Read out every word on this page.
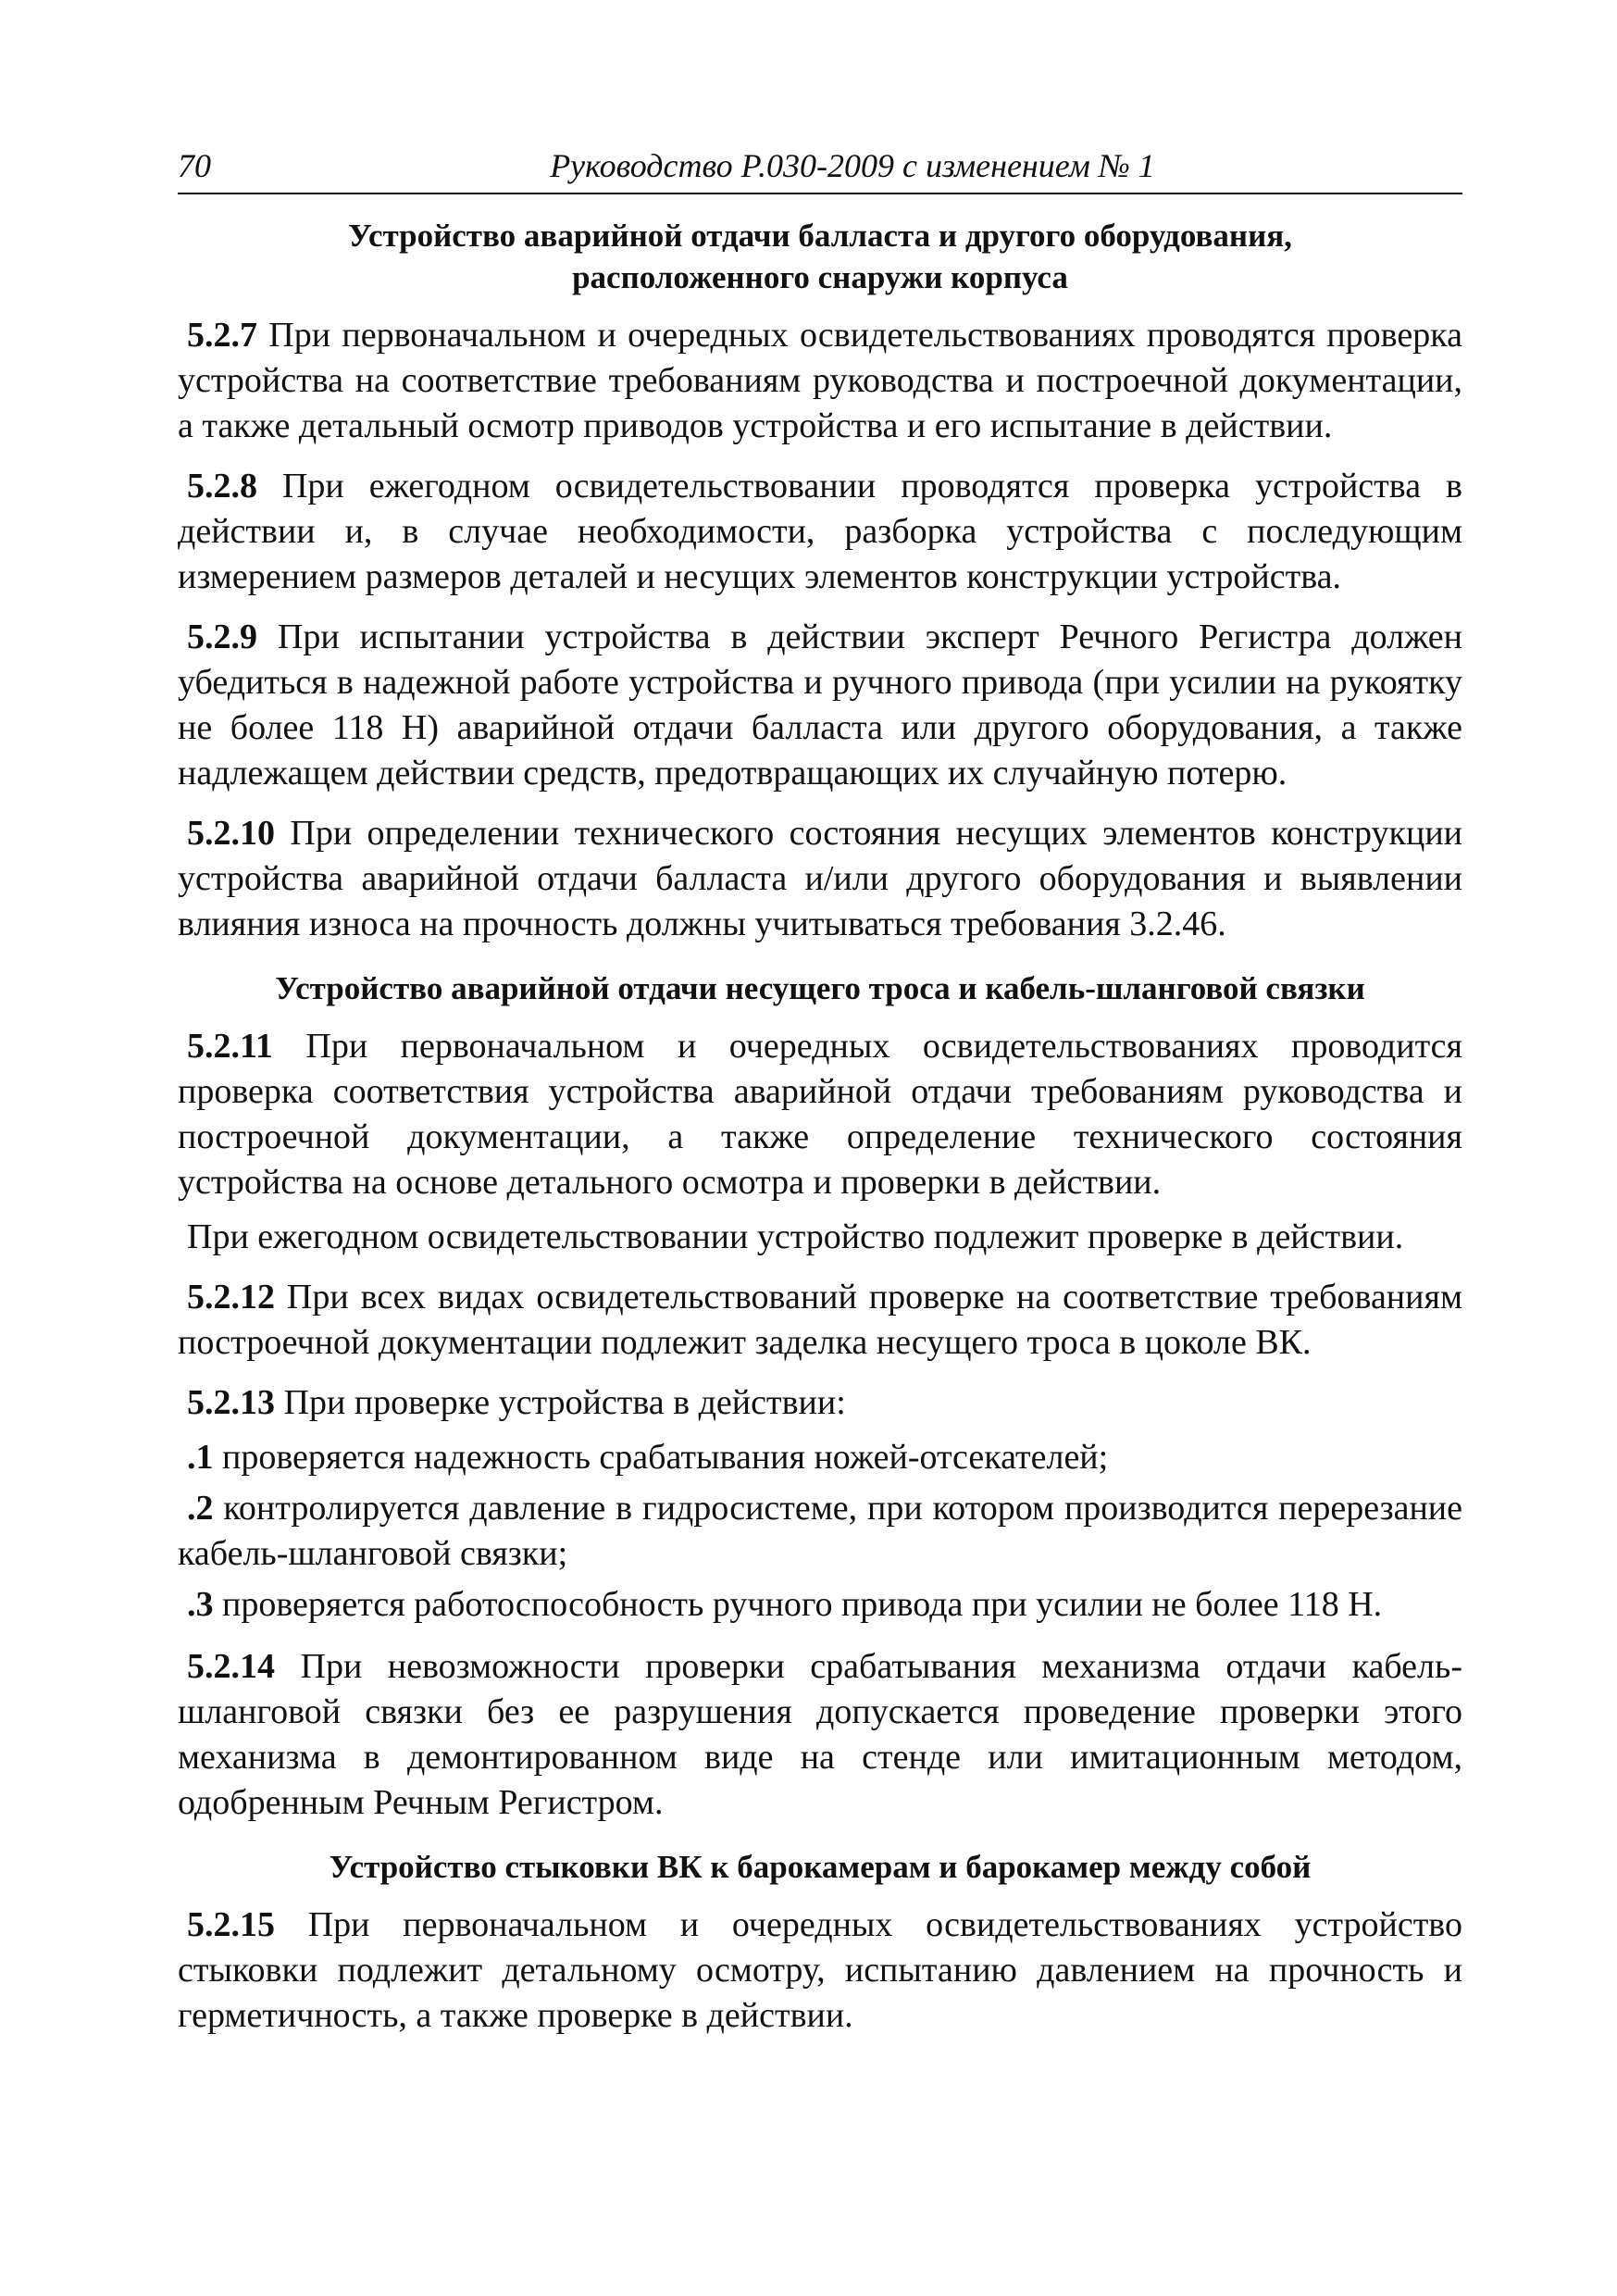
70	Руководство Р.030-2009 с изменением № 1
Устройство аварийной отдачи балласта и другого оборудования,
расположенного снаружи корпуса

5.2.7 При первоначальном и очередных освидетельствованиях проводятся проверка устройства на соответствие требованиям руководства и построечной документации, а также детальный осмотр приводов устройства и его испытание в действии.

5.2.8 При ежегодном освидетельствовании проводятся проверка устройства в действии и, в случае необходимости, разборка устройства с последующим измерением размеров деталей и несущих элементов конструкции устройства.

5.2.9 При испытании устройства в действии эксперт Речного Регистра должен убедиться в надежной работе устройства и ручного привода (при усилии на рукоятку не более 118 Н) аварийной отдачи балласта или другого оборудования, а также надлежащем действии средств, предотвращающих их случайную потерю.

5.2.10 При определении технического состояния несущих элементов конструкции устройства аварийной отдачи балласта и/или другого оборудования и выявлении влияния износа на прочность должны учитываться требования 3.2.46.

Устройство аварийной отдачи несущего троса и кабель-шланговой связки

5.2.11 При первоначальном и очередных освидетельствованиях проводится проверка соответствия устройства аварийной отдачи требованиям руководства и построечной документации, а также определение технического состояния устройства на основе детального осмотра и проверки в действии.

При ежегодном освидетельствовании устройство подлежит проверке в действии.

5.2.12 При всех видах освидетельствований проверке на соответствие требованиям построечной документации подлежит заделка несущего троса в цоколе ВК.

5.2.13 При проверке устройства в действии:

.1 проверяется надежность срабатывания ножей-отсекателей;

.2 контролируется давление в гидросистеме, при котором производится перерезание кабель-шланговой связки;

.3 проверяется работоспособность ручного привода при усилии не более 118 Н.

5.2.14 При невозможности проверки срабатывания механизма отдачи кабель-шланговой связки без ее разрушения допускается проведение проверки этого механизма в демонтированном виде на стенде или имитационным методом, одобренным Речным Регистром.

Устройство стыковки ВК к барокамерам и барокамер между собой

5.2.15 При первоначальном и очередных освидетельствованиях устройство стыковки подлежит детальному осмотру, испытанию давлением на прочность и герметичность, а также проверке в действии.
